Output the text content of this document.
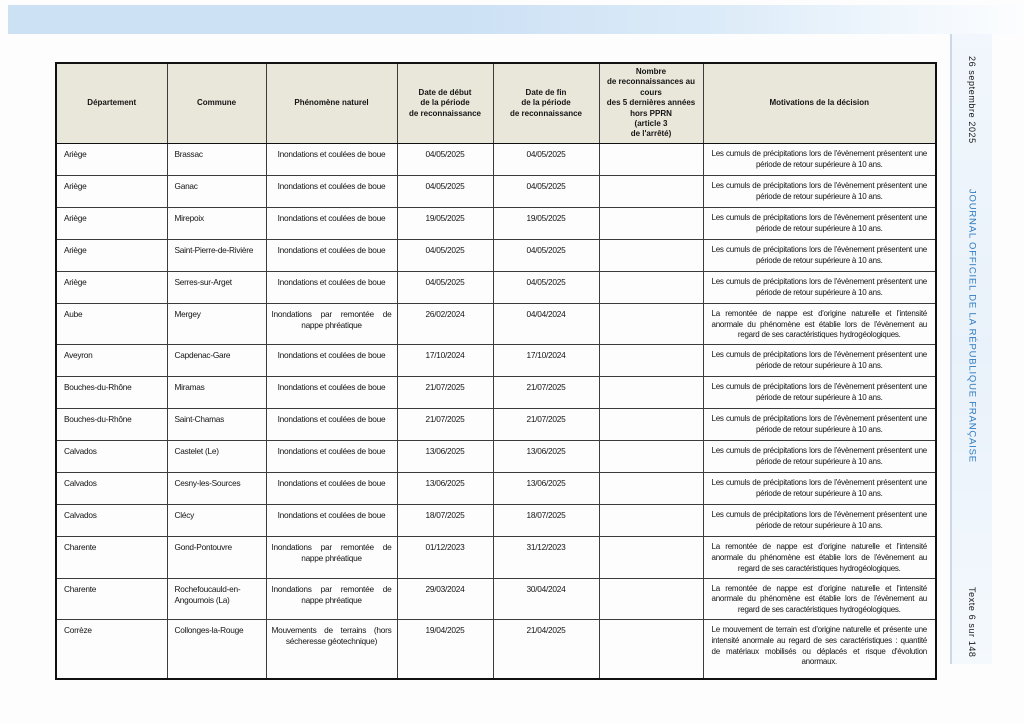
26 septembre 2025
JOURNAL OFFICIEL DE LA RÉPUBLIQUE FRANÇAISE
Texte 6 sur 148
Département	Commune	Phénomène naturel	Date de début
de la période
de reconnaissance	Date de fin
de la période
de reconnaissance	Nombre
de reconnaissances au
cours
des 5 dernières années
hors PPRN
(article 3
de l'arrêté)	Motivations de la décision
Ariège	Brassac	Inondations et coulées de boue	04/05/2025	04/05/2025		Les cumuls de précipitations lors de l'évènement présentent une période de retour supérieure à 10 ans.
Ariège	Ganac	Inondations et coulées de boue	04/05/2025	04/05/2025		Les cumuls de précipitations lors de l'évènement présentent une période de retour supérieure à 10 ans.
Ariège	Mirepoix	Inondations et coulées de boue	19/05/2025	19/05/2025		Les cumuls de précipitations lors de l'évènement présentent une période de retour supérieure à 10 ans.
Ariège	Saint-Pierre-de-Rivière	Inondations et coulées de boue	04/05/2025	04/05/2025		Les cumuls de précipitations lors de l'évènement présentent une période de retour supérieure à 10 ans.
Ariège	Serres-sur-Arget	Inondations et coulées de boue	04/05/2025	04/05/2025		Les cumuls de précipitations lors de l'évènement présentent une période de retour supérieure à 10 ans.
Aube	Mergey	Inondations par remontée de nappe phréatique	26/02/2024	04/04/2024		La remontée de nappe est d'origine naturelle et l'intensité anormale du phénomène est établie lors de l'évènement au regard de ses caractéristiques hydrogéologiques.
Aveyron	Capdenac-Gare	Inondations et coulées de boue	17/10/2024	17/10/2024		Les cumuls de précipitations lors de l'évènement présentent une période de retour supérieure à 10 ans.
Bouches-du-Rhône	Miramas	Inondations et coulées de boue	21/07/2025	21/07/2025		Les cumuls de précipitations lors de l'évènement présentent une période de retour supérieure à 10 ans.
Bouches-du-Rhône	Saint-Chamas	Inondations et coulées de boue	21/07/2025	21/07/2025		Les cumuls de précipitations lors de l'évènement présentent une période de retour supérieure à 10 ans.
Calvados	Castelet (Le)	Inondations et coulées de boue	13/06/2025	13/06/2025		Les cumuls de précipitations lors de l'évènement présentent une période de retour supérieure à 10 ans.
Calvados	Cesny-les-Sources	Inondations et coulées de boue	13/06/2025	13/06/2025		Les cumuls de précipitations lors de l'évènement présentent une période de retour supérieure à 10 ans.
Calvados	Clécy	Inondations et coulées de boue	18/07/2025	18/07/2025		Les cumuls de précipitations lors de l'évènement présentent une période de retour supérieure à 10 ans.
Charente	Gond-Pontouvre	Inondations par remontée de nappe phréatique	01/12/2023	31/12/2023		La remontée de nappe est d'origine naturelle et l'intensité anormale du phénomène est établie lors de l'évènement au regard de ses caractéristiques hydrogéologiques.
Charente	Rochefoucauld-en-Angoumois (La)	Inondations par remontée de nappe phréatique	29/03/2024	30/04/2024		La remontée de nappe est d'origine naturelle et l'intensité anormale du phénomène est établie lors de l'évènement au regard de ses caractéristiques hydrogéologiques.
Corrèze	Collonges-la-Rouge	Mouvements de terrains (hors sécheresse géotechnique)	19/04/2025	21/04/2025		Le mouvement de terrain est d'origine naturelle et présente une intensité anormale au regard de ses caractéristiques : quantité de matériaux mobilisés ou déplacés et risque d'évolution anormaux.
